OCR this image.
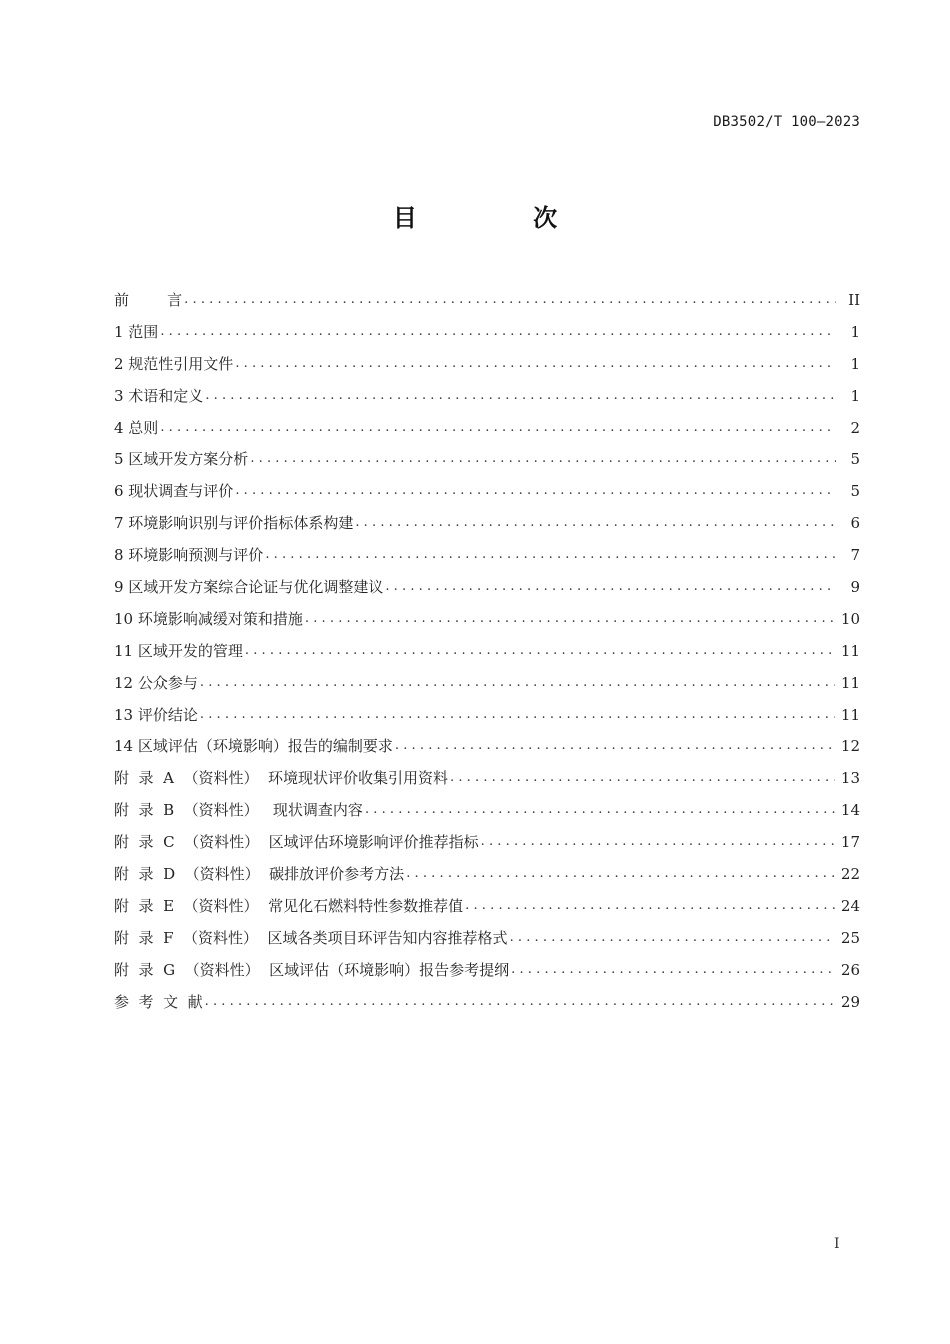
DB3502/T 100—2023
目 次
前        言 .....	II
1 范围 .....	1
2 规范性引用文件 .....	1
3 术语和定义 .....	1
4 总则 .....	2
5 区域开发方案分析 .....	5
6 现状调查与评价 .....	5
7 环境影响识别与评价指标体系构建 .....	6
8 环境影响预测与评价 .....	7
9 区域开发方案综合论证与优化调整建议 .....	9
10 环境影响减缓对策和措施 .....	10
11 区域开发的管理 .....	11
12 公众参与 .....	11
13 评价结论 .....	11
14 区域评估（环境影响）报告的编制要求 .....	12
附  录  A  （资料性）  环境现状评价收集引用资料 .....	13
附  录  B  （资料性）   现状调查内容 .....	14
附  录  C  （资料性）  区域评估环境影响评价推荐指标 .....	17
附  录  D  （资料性）  碳排放评价参考方法 .....	22
附  录  E  （资料性）  常见化石燃料特性参数推荐值 .....	24
附  录  F  （资料性）  区域各类项目环评告知内容推荐格式 .....	25
附  录  G  （资料性）  区域评估（环境影响）报告参考提纲 .....	26
参  考  文  献 .....	29
I
